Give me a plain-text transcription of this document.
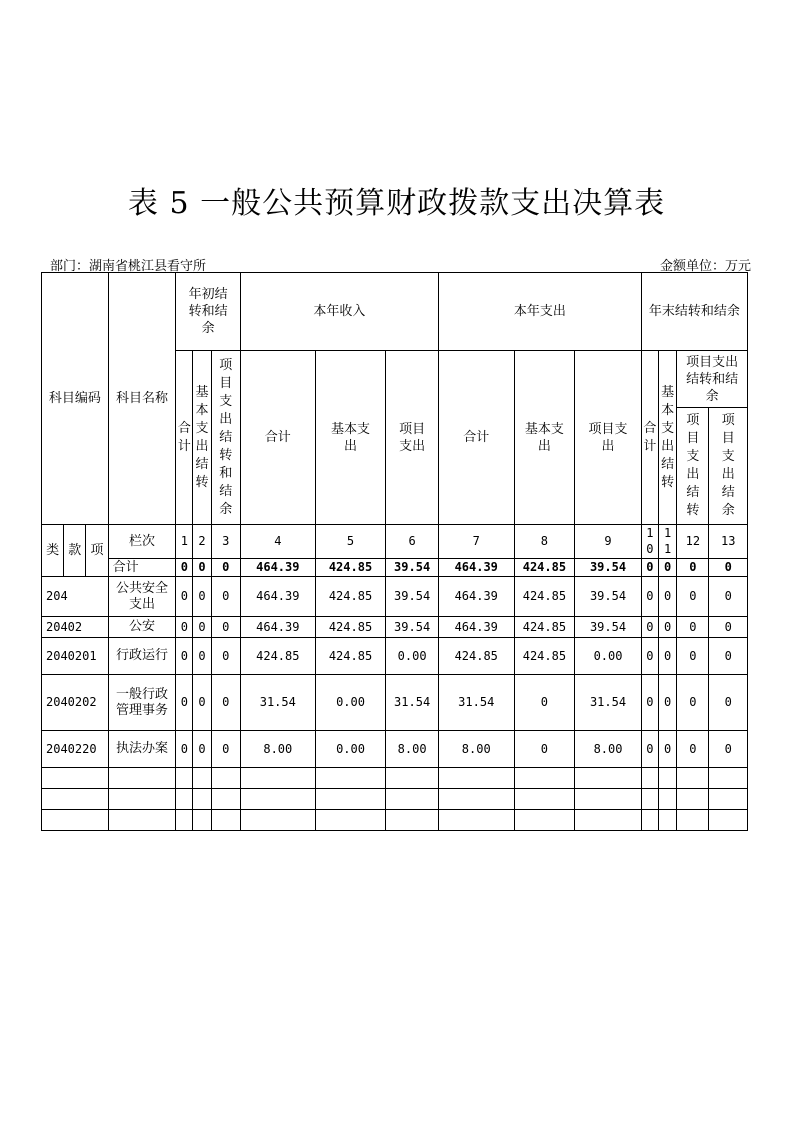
表 5 一般公共预算财政拨款支出决算表
部门：湖南省桃江县看守所	金额单位：万元
科目编码			科目名称	年初结转和结余			本年收入			本年支出			年末结转和结余			
				合计	基本支出结转	项目支出结转和结余	合计	基本支出	项目支出	合计	基本支出	项目支出	合计	基本支出结转	项目支出结转和结余	
															项目支出结转	项目支出结余
类	款	项	栏次	1	2	3	4	5	6	7	8	9	10	11	12	13
			合计	0	0	0	464.39	424.85	39.54	464.39	424.85	39.54	0	0	0	0
204			公共安全支出	0	0	0	464.39	424.85	39.54	464.39	424.85	39.54	0	0	0	0
20402			公安	0	0	0	464.39	424.85	39.54	464.39	424.85	39.54	0	0	0	0
2040201			行政运行	0	0	0	424.85	424.85	0.00	424.85	424.85	0.00	0	0	0	0
2040202			一般行政管理事务	0	0	0	31.54	0.00	31.54	31.54	0	31.54	0	0	0	0
2040220			执法办案	0	0	0	8.00	0.00	8.00	8.00	0	8.00	0	0	0	0
